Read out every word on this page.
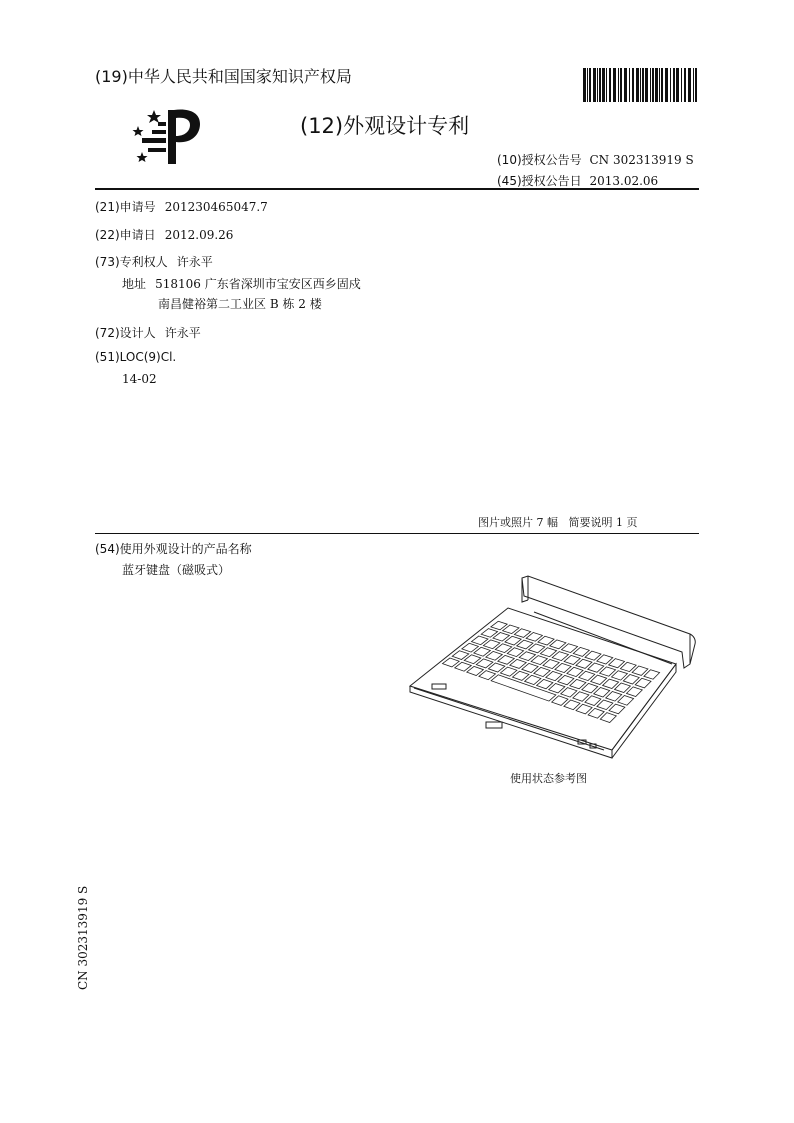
(19)中华人民共和国国家知识产权局
(12)外观设计专利
(10)授权公告号 CN 302313919 S
(45)授权公告日 2013.02.06
(21)申请号 201230465047.7
(22)申请日 2012.09.26
(73)专利权人 许永平
地址 518106 广东省深圳市宝安区西乡固戍
南昌健裕第二工业区 B 栋 2 楼
(72)设计人 许永平
(51)LOC(9)Cl.
14-02
图片或照片 7 幅   简要说明 1 页
(54)使用外观设计的产品名称
蓝牙键盘（磁吸式）
使用状态参考图
CN 302313919 S
